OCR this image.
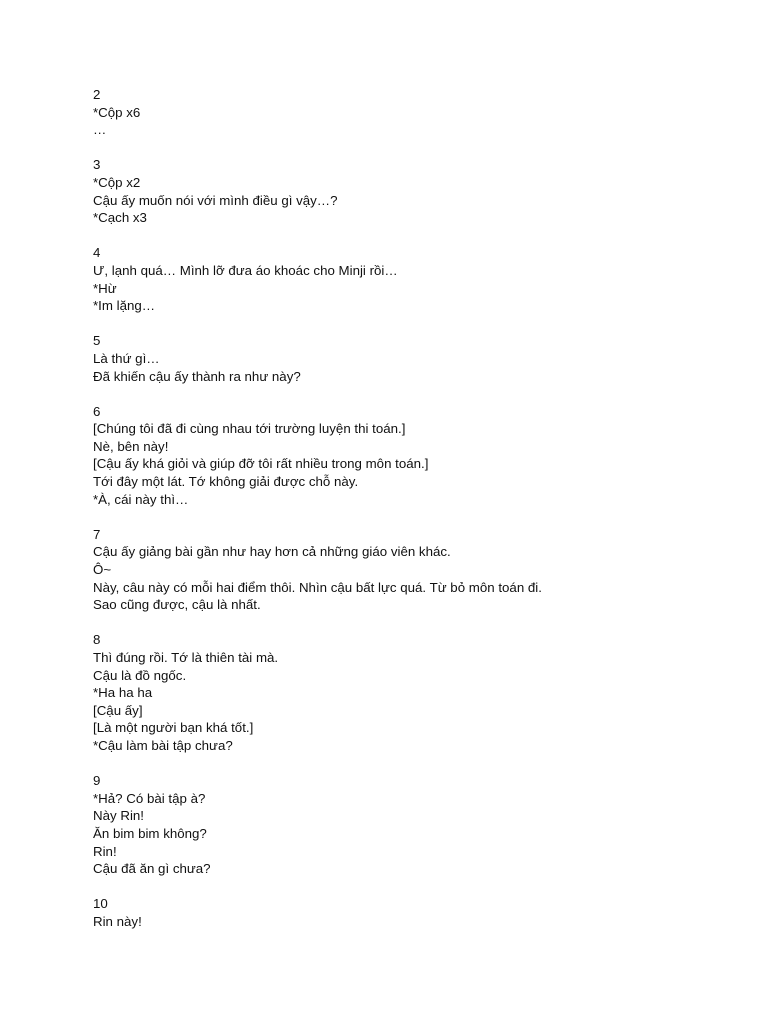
2
*Cộp x6
…
3
*Cộp x2
Cậu ấy muốn nói với mình điều gì vậy…?
*Cạch x3
4
Ư, lạnh quá… Mình lỡ đưa áo khoác cho Minji rồi…
*Hừ
*Im lặng…
5
Là thứ gì…
Đã khiến cậu ấy thành ra như này?
6
[Chúng tôi đã đi cùng nhau tới trường luyện thi toán.]
Nè, bên này!
[Cậu ấy khá giỏi và giúp đỡ tôi rất nhiều trong môn toán.]
Tới đây một lát. Tớ không giải được chỗ này.
*À, cái này thì…
7
Cậu ấy giảng bài gần như hay hơn cả những giáo viên khác.
Ô~
Này, câu này có mỗi hai điểm thôi. Nhìn cậu bất lực quá. Từ bỏ môn toán đi.
Sao cũng được, cậu là nhất.
8
Thì đúng rồi. Tớ là thiên tài mà.
Cậu là đồ ngốc.
*Ha ha ha
[Cậu ấy]
[Là một người bạn khá tốt.]
*Cậu làm bài tập chưa?
9
*Hả? Có bài tập à?
Này Rin!
Ăn bim bim không?
Rin!
Cậu đã ăn gì chưa?
10
Rin này!
